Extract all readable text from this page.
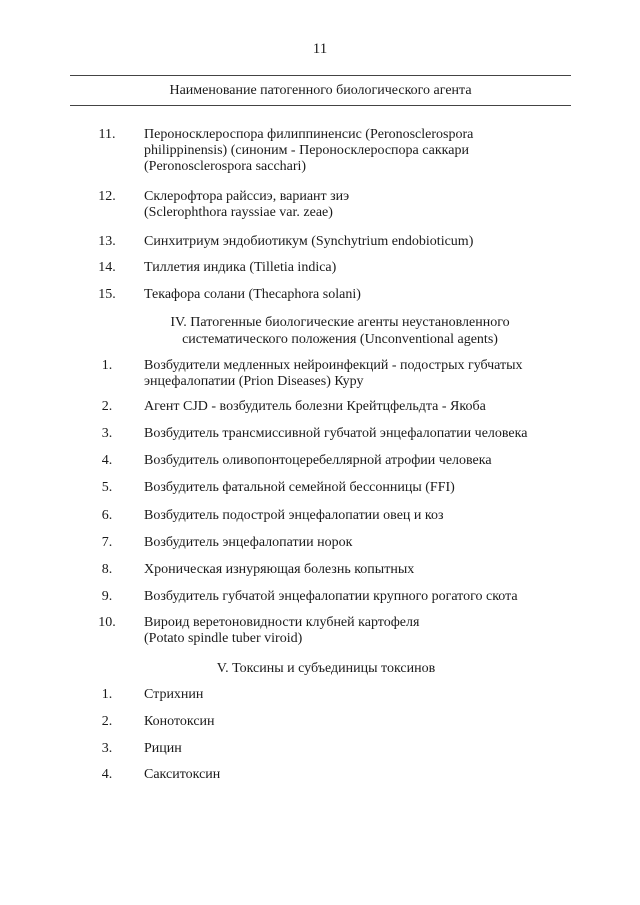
11
Наименование патогенного биологического агента
11.	Пероносклероспора филиппиненсис (Peronosclerospora
philippinensis) (синоним - Пероносклероспора саккари
(Peronosclerospora sacchari)
12.	Склерофтора райссиэ, вариант зиэ
(Sclerophthora rayssiae var. zeae)
13.	Синхитриум эндобиотикум (Synchytrium endobioticum)
14.	Тиллетия индика (Tilletia indica)
15.	Текафора солани (Thecaphora solani)
IV. Патогенные биологические агенты неустановленного
систематического положения (Unconventional agents)
1.	Возбудители медленных нейроинфекций - подострых губчатых
энцефалопатии (Prion Diseases) Куру
2.	Агент CJD - возбудитель болезни Крейтцфельдта - Якоба
3.	Возбудитель трансмиссивной губчатой энцефалопатии человека
4.	Возбудитель оливопонтоцеребеллярной атрофии человека
5.	Возбудитель фатальной семейной бессонницы (FFI)
6.	Возбудитель подострой энцефалопатии овец и коз
7.	Возбудитель энцефалопатии норок
8.	Хроническая изнуряющая болезнь копытных
9.	Возбудитель губчатой энцефалопатии крупного рогатого скота
10.	Вироид веретоновидности клубней картофеля
(Potato spindle tuber viroid)
V. Токсины и субъединицы токсинов
1.	Стрихнин
2.	Конотоксин
3.	Рицин
4.	Сакситоксин
